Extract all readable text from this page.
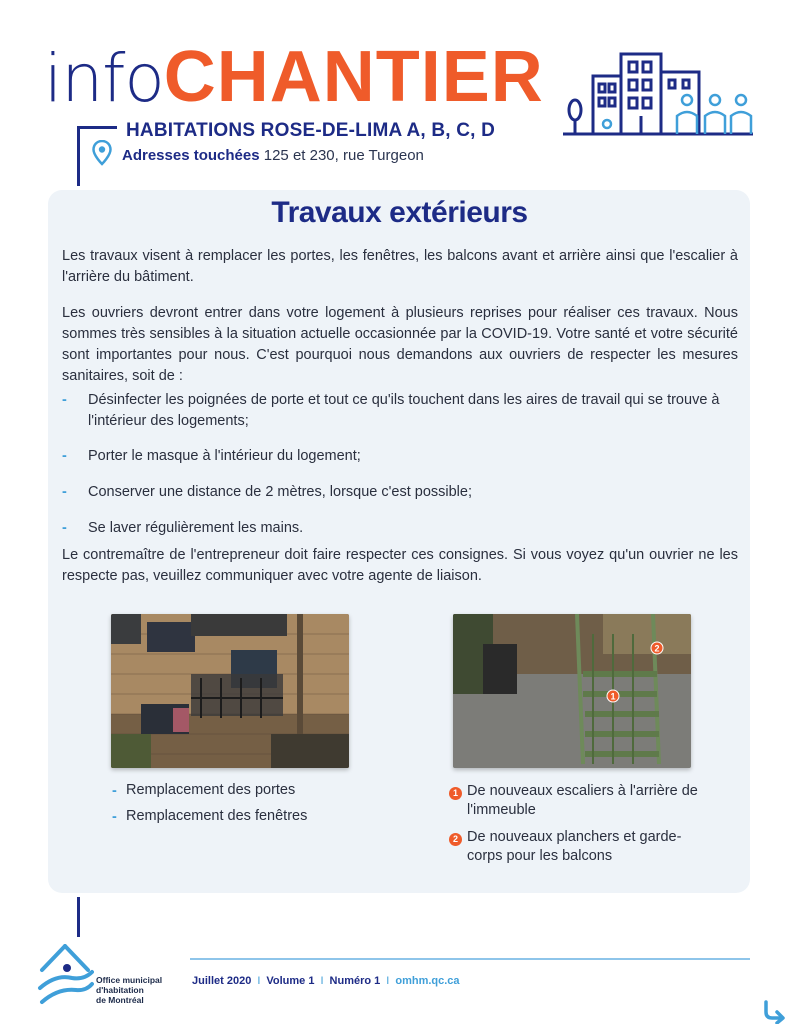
infoCHANTIER
HABITATIONS ROSE-DE-LIMA A, B, C, D
Adresses touchées 125 et 230, rue Turgeon
Travaux extérieurs

Les travaux visent à remplacer les portes, les fenêtres, les balcons avant et arrière ainsi que l'escalier à l'arrière du bâtiment.

Les ouvriers devront entrer dans votre logement à plusieurs reprises pour réaliser ces travaux. Nous sommes très sensibles à la situation actuelle occasionnée par la COVID-19. Votre santé et votre sécurité sont importantes pour nous. C'est pourquoi nous demandons aux ouvriers de respecter les mesures sanitaires, soit de :

- Désinfecter les poignées de porte et tout ce qu'ils touchent dans les aires de travail qui se trouve à l'intérieur des logements;
- Porter le masque à l'intérieur du logement;
- Conserver une distance de 2 mètres, lorsque c'est possible;
- Se laver régulièrement les mains.

Le contremaître de l'entrepreneur doit faire respecter ces consignes. Si vous voyez qu'un ouvrier ne les respecte pas, veuillez communiquer avec votre agente de liaison.

2
1
- Remplacement des portes
- Remplacement des fenêtres
1 De nouveaux escaliers à l'arrière de l'immeuble
2 De nouveaux planchers et garde-corps pour les balcons
Office municipal
d'habitation
de Montréal
Juillet 2020 I Volume 1 I Numéro 1 I omhm.qc.ca
